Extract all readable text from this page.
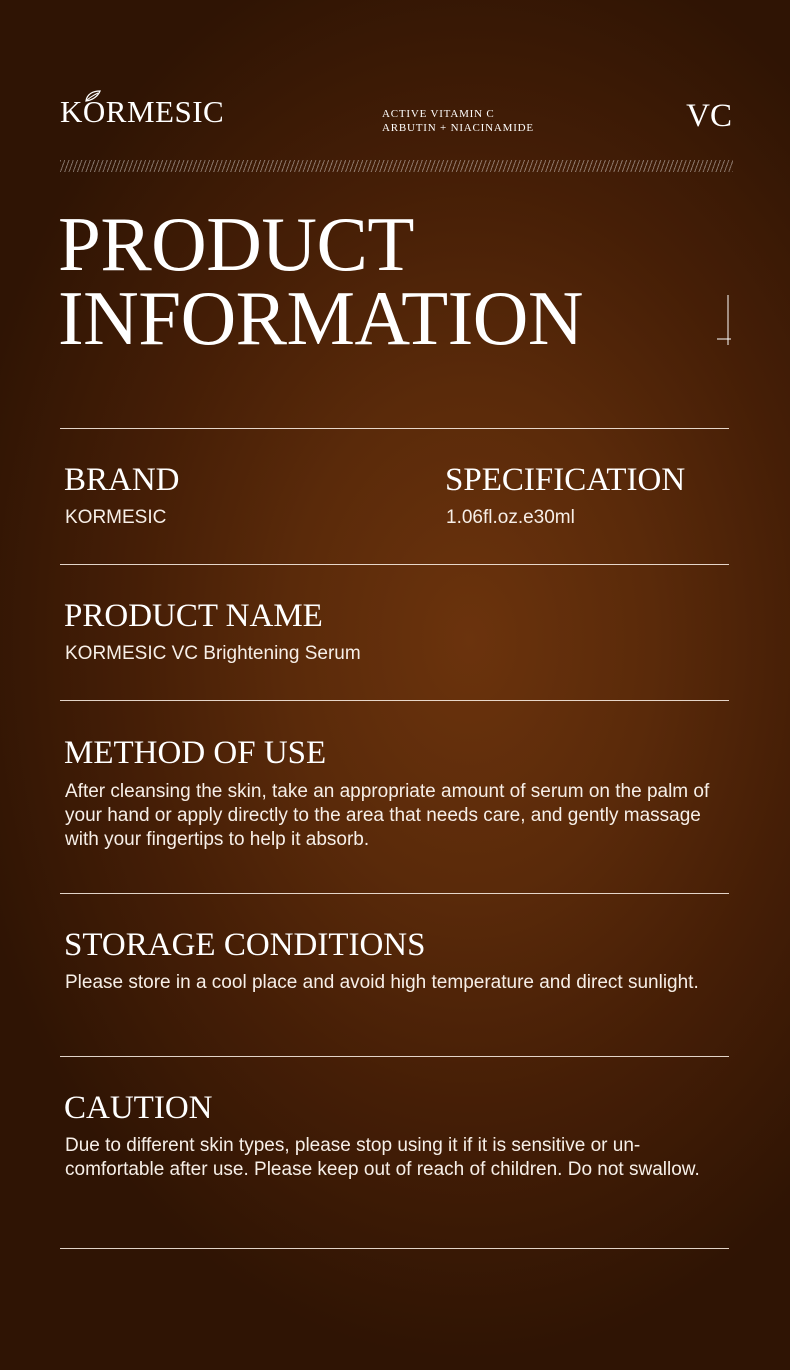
KORMESIC	ACTIVE VITAMIN C
ARBUTIN + NIACINAMIDE	VC
PRODUCT
INFORMATION
BRAND
KORMESIC
SPECIFICATION
1.06fl.oz.e30ml
PRODUCT NAME
KORMESIC VC Brightening Serum
METHOD OF USE
After cleansing the skin, take an appropriate amount of serum on the palm of your hand or apply directly to the area that needs care, and gently massage with your fingertips to help it absorb.
STORAGE CONDITIONS
Please store in a cool place and avoid high temperature and direct sunlight.
CAUTION
Due to different skin types, please stop using it if it is sensitive or un-comfortable after use. Please keep out of reach of children. Do not swallow.
